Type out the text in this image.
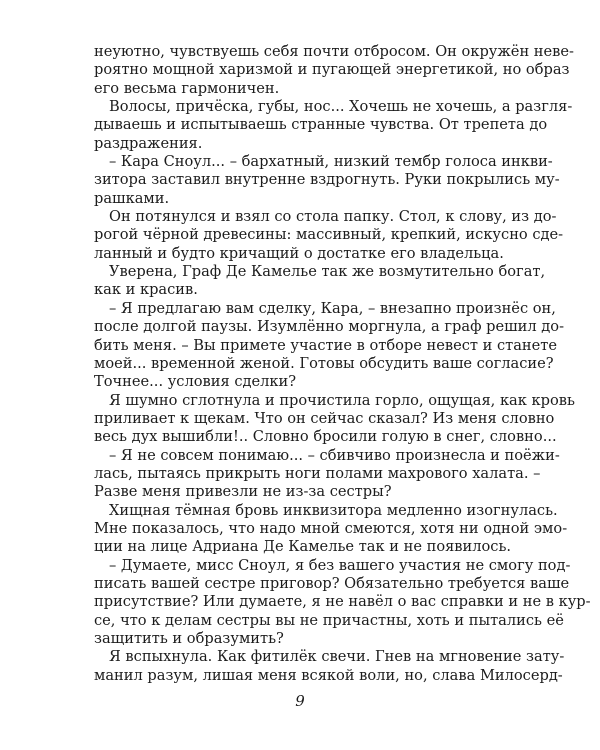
неуютно, чувствуешь себя почти отбросом. Он окружён неве-
роятно мощной харизмой и пугающей энергетикой, но образ
его весьма гармоничен.
Волосы, причёска, губы, нос... Хочешь не хочешь, а разгля-
дываешь и испытываешь странные чувства. От трепета до
раздражения.
– Кара Сноул... – бархатный, низкий тембр голоса инкви-
зитора заставил внутренне вздрогнуть. Руки покрылись му-
рашками.
Он потянулся и взял со стола папку. Стол, к слову, из до-
рогой чёрной древесины: массивный, крепкий, искусно сде-
ланный и будто кричащий о достатке его владельца.
Уверена, Граф Де Камелье так же возмутительно богат,
как и красив.
– Я предлагаю вам сделку, Кара, – внезапно произнёс он,
после долгой паузы. Изумлённо моргнула, а граф решил до-
бить меня. – Вы примете участие в отборе невест и станете
моей... временной женой. Готовы обсудить ваше согласие?
Точнее... условия сделки?
Я шумно сглотнула и прочистила горло, ощущая, как кровь
приливает к щекам. Что он сейчас сказал? Из меня словно
весь дух вышибли!.. Словно бросили голую в снег, словно...
– Я не совсем понимаю... – сбивчиво произнесла и поёжи-
лась, пытаясь прикрыть ноги полами махрового халата. –
Разве меня привезли не из-за сестры?
Хищная тёмная бровь инквизитора медленно изогнулась.
Мне показалось, что надо мной смеются, хотя ни одной эмо-
ции на лице Адриана Де Камелье так и не появилось.
– Думаете, мисс Сноул, я без вашего участия не смогу под-
писать вашей сестре приговор? Обязательно требуется ваше
присутствие? Или думаете, я не навёл о вас справки и не в кур-
се, что к делам сестры вы не причастны, хоть и пытались её
защитить и образумить?
Я вспыхнула. Как фитилёк свечи. Гнев на мгновение зату-
манил разум, лишая меня всякой воли, но, слава Милосерд-
9
